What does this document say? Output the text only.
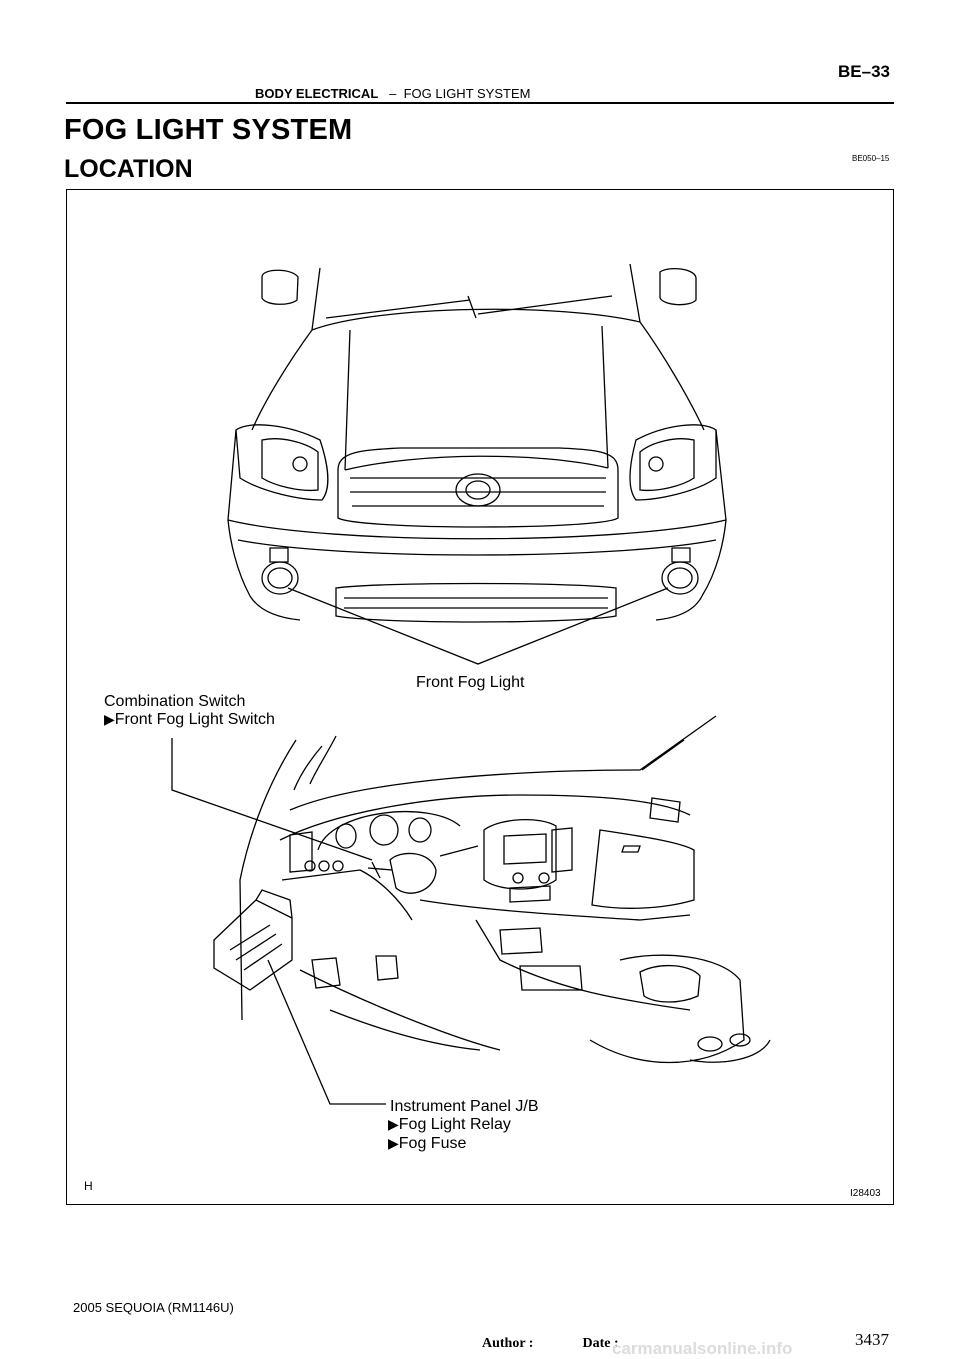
BODY ELECTRICAL – FOG LIGHT SYSTEM
BE–33
FOG LIGHT SYSTEM
LOCATION	BE050–15
Front Fog Light
Combination Switch
▶Front Fog Light Switch
Instrument Panel J/B
▶Fog Light Relay
▶Fog Fuse
H
I28403
2005 SEQUOIA (RM1146U)
Author :	Date :
carmanualsonline.info	3437
